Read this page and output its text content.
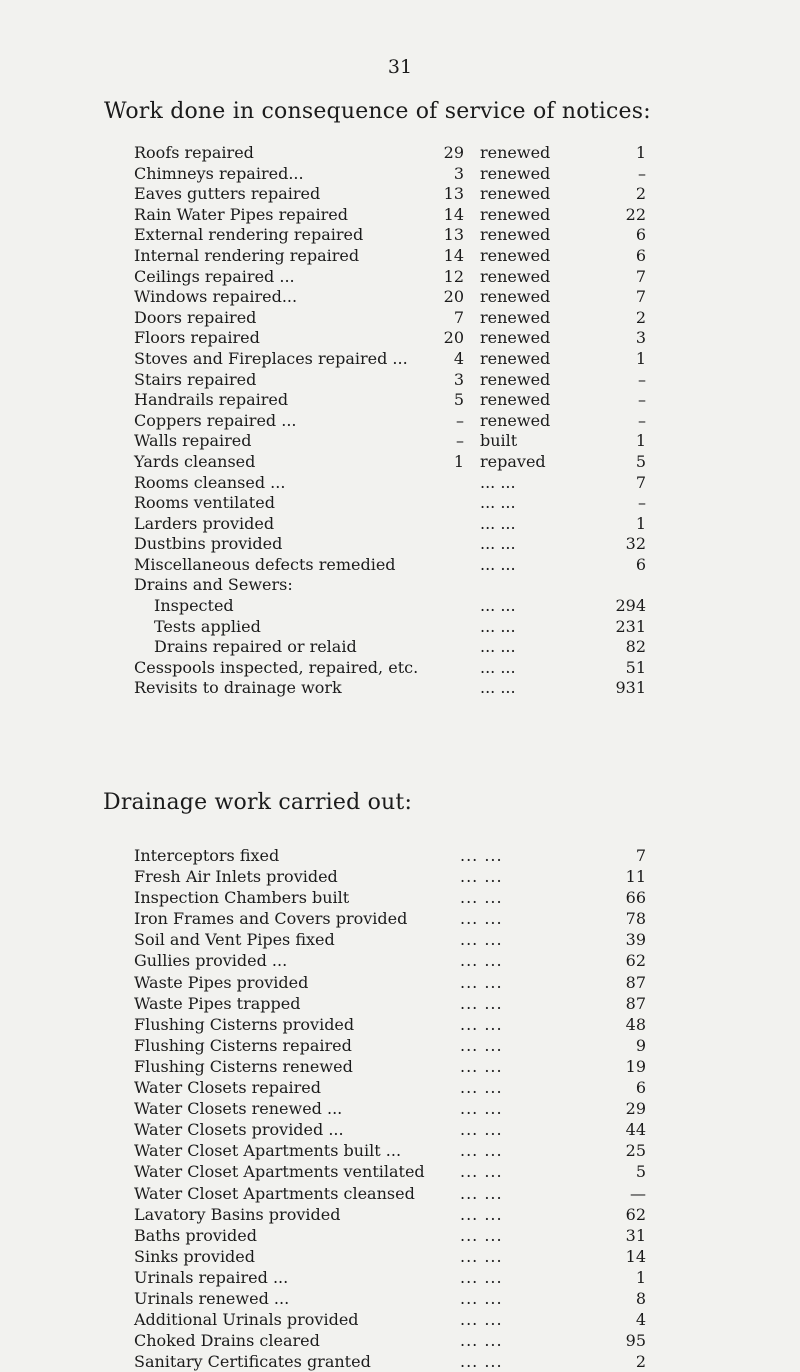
31
Work done in consequence of service of notices:
Roofs repaired	29 renewed	1
Chimneys repaired...	3 renewed	–
Eaves gutters repaired	13 renewed	2
Rain Water Pipes repaired	14 renewed	22
External rendering repaired	13 renewed	6
Internal rendering repaired	14 renewed	6
Ceilings repaired ...	12 renewed	7
Windows repaired...	20 renewed	7
Doors repaired	7 renewed	2
Floors repaired	20 renewed	3
Stoves and Fireplaces repaired ...	4 renewed	1
Stairs repaired	3 renewed	–
Handrails repaired	5 renewed	–
Coppers repaired ...	– renewed	–
Walls repaired	– built	1
Yards cleansed	1 repaved	5
Rooms cleansed ...	... ...	7
Rooms ventilated	... ...	–
Larders provided	... ...	1
Dustbins provided	... ...	32
Miscellaneous defects remedied	... ...	6
Drains and Sewers:
Inspected	... ...	294
Tests applied	... ...	231
Drains repaired or relaid	... ...	82
Cesspools inspected, repaired, etc.	... ...	51
Revisits to drainage work	... ...	931
Drainage work carried out:
Interceptors fixed	... ...	7
Fresh Air Inlets provided	... ...	11
Inspection Chambers built	... ...	66
Iron Frames and Covers provided	... ...	78
Soil and Vent Pipes fixed	... ...	39
Gullies provided ...	... ...	62
Waste Pipes provided	... ...	87
Waste Pipes trapped	... ...	87
Flushing Cisterns provided	... ...	48
Flushing Cisterns repaired	... ...	9
Flushing Cisterns renewed	... ...	19
Water Closets repaired	... ...	6
Water Closets renewed ...	... ...	29
Water Closets provided ...	... ...	44
Water Closet Apartments built ...	... ...	25
Water Closet Apartments ventilated ... ...	5
Water Closet Apartments cleansed	... ...	—
Lavatory Basins provided	... ...	62
Baths provided	... ...	31
Sinks provided	... ...	14
Urinals repaired ...	... ...	1
Urinals renewed ...	... ...	8
Additional Urinals provided	... ...	4
Choked Drains cleared	... ...	95
Sanitary Certificates granted	... ...	2
